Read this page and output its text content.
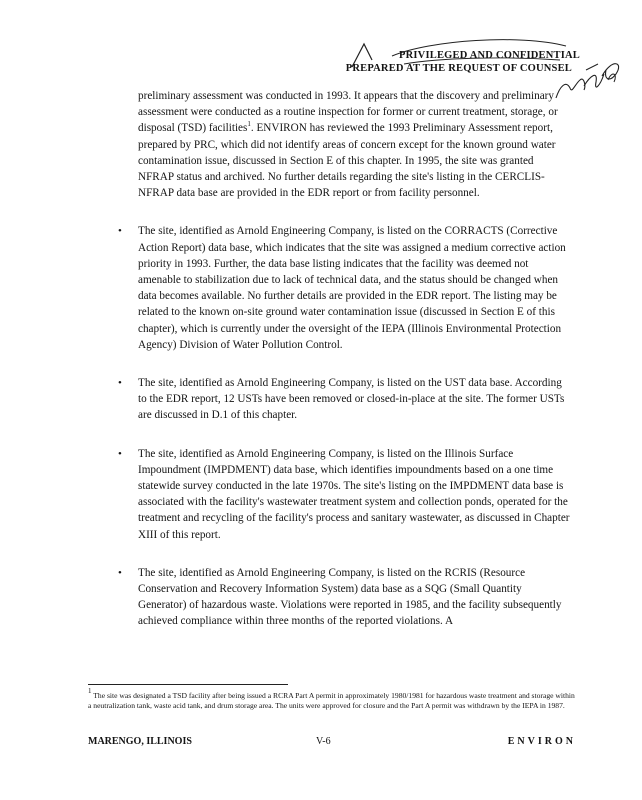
PRIVILEGED AND CONFIDENTIAL
PREPARED AT THE REQUEST OF COUNSEL

preliminary assessment was conducted in 1993. It appears that the discovery and preliminary assessment were conducted as a routine inspection for former or current treatment, storage, or disposal (TSD) facilities$^1$. ENVIRON has reviewed the 1993 Preliminary Assessment report, prepared by PRC, which did not identify areas of concern except for the known ground water contamination issue, discussed in Section E of this chapter. In 1995, the site was granted NFRAP status and archived. No further details regarding the site's listing in the CERCLIS-NFRAP data base are provided in the EDR report or from facility personnel.

• The site, identified as Arnold Engineering Company, is listed on the CORRACTS (Corrective Action Report) data base, which indicates that the site was assigned a medium corrective action priority in 1993. Further, the data base listing indicates that the facility was deemed not amenable to stabilization due to lack of technical data, and the status should be changed when data becomes available. No further details are provided in the EDR report. The listing may be related to the known on-site ground water contamination issue (discussed in Section E of this chapter), which is currently under the oversight of the IEPA (Illinois Environmental Protection Agency) Division of Water Pollution Control.
• The site, identified as Arnold Engineering Company, is listed on the UST data base. According to the EDR report, 12 USTs have been removed or closed-in-place at the site. The former USTs are discussed in D.1 of this chapter.
• The site, identified as Arnold Engineering Company, is listed on the Illinois Surface Impoundment (IMPDMENT) data base, which identifies impoundments based on a one time statewide survey conducted in the late 1970s. The site's listing on the IMPDMENT data base is associated with the facility's wastewater treatment system and collection ponds, operated for the treatment and recycling of the facility's process and sanitary wastewater, as discussed in Chapter XIII of this report.
• The site, identified as Arnold Engineering Company, is listed on the RCRIS (Resource Conservation and Recovery Information System) data base as a SQG (Small Quantity Generator) of hazardous waste. Violations were reported in 1985, and the facility subsequently achieved compliance within three months of the reported violations. A
$^1$ The site was designated a TSD facility after being issued a RCRA Part A permit in approximately 1980/1981 for hazardous waste treatment and storage within a neutralization tank, waste acid tank, and drum storage area. The units were approved for closure and the Part A permit was withdrawn by the IEPA in 1987.
MARENGO, ILLINOIS	V-6	ENVIRON
